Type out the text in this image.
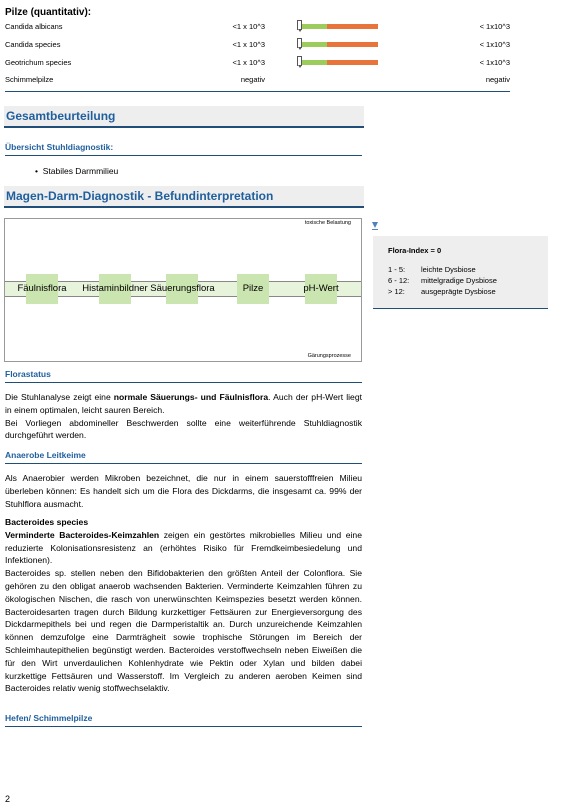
Pilze (quantitativ):
Candida albicans	<1 x 10^3	< 1x10^3
Candida species	<1 x 10^3	< 1x10^3
Geotrichum species	<1 x 10^3	< 1x10^3
Schimmelpilze	negativ	negativ
Gesamtbeurteilung
Übersicht Stuhldiagnostik:
•  Stabiles Darmmilieu
Magen-Darm-Diagnostik - Befundinterpretation
toxische Belastung
Fäulnisflora	Histaminbildner Säuerungsflora	Pilze	pH-Wert
Gärungsprozesse
Flora-Index = 0
1 - 5: leichte Dysbiose
6 - 12: mittelgradige Dysbiose
> 12: ausgeprägte Dysbiose
Florastatus
Die Stuhlanalyse zeigt eine normale Säuerungs- und Fäulnisflora. Auch der pH-Wert liegt in einem optimalen, leicht sauren Bereich.
Bei Vorliegen abdomineller Beschwerden sollte eine weiterführende Stuhldiagnostik durchgeführt werden.
Anaerobe Leitkeime
Als Anaerobier werden Mikroben bezeichnet, die nur in einem sauerstofffreien Milieu überleben können: Es handelt sich um die Flora des Dickdarms, die insgesamt ca. 99% der Stuhlflora ausmacht.
Bacteroides species
Verminderte Bacteroides-Keimzahlen zeigen ein gestörtes mikrobielles Milieu und eine reduzierte Kolonisationsresistenz an (erhöhtes Risiko für Fremdkeimbesiedelung und Infektionen).
Bacteroides sp. stellen neben den Bifidobakterien den größten Anteil der Colonflora. Sie gehören zu den obligat anaerob wachsenden Bakterien. Verminderte Keimzahlen führen zu ökologischen Nischen, die rasch von unerwünschten Keimspezies besetzt werden können. Bacteroidesarten tragen durch Bildung kurzkettiger Fettsäuren zur Energieversorgung des Dickdarmepithels bei und regen die Darmperistaltik an. Durch unzureichende Keimzahlen können demzufolge eine Darmträgheit sowie trophische Störungen im Bereich der Schleimhautepithelien begünstigt werden. Bacteroides verstoffwechseln neben Eiweißen die für den Wirt unverdaulichen Kohlenhydrate wie Pektin oder Xylan und bilden dabei kurzkettige Fettsäuren und Wasserstoff. Im Vergleich zu anderen aeroben Keimen sind Bacteroides relativ wenig stoffwechselaktiv.
Hefen/ Schimmelpilze
2
